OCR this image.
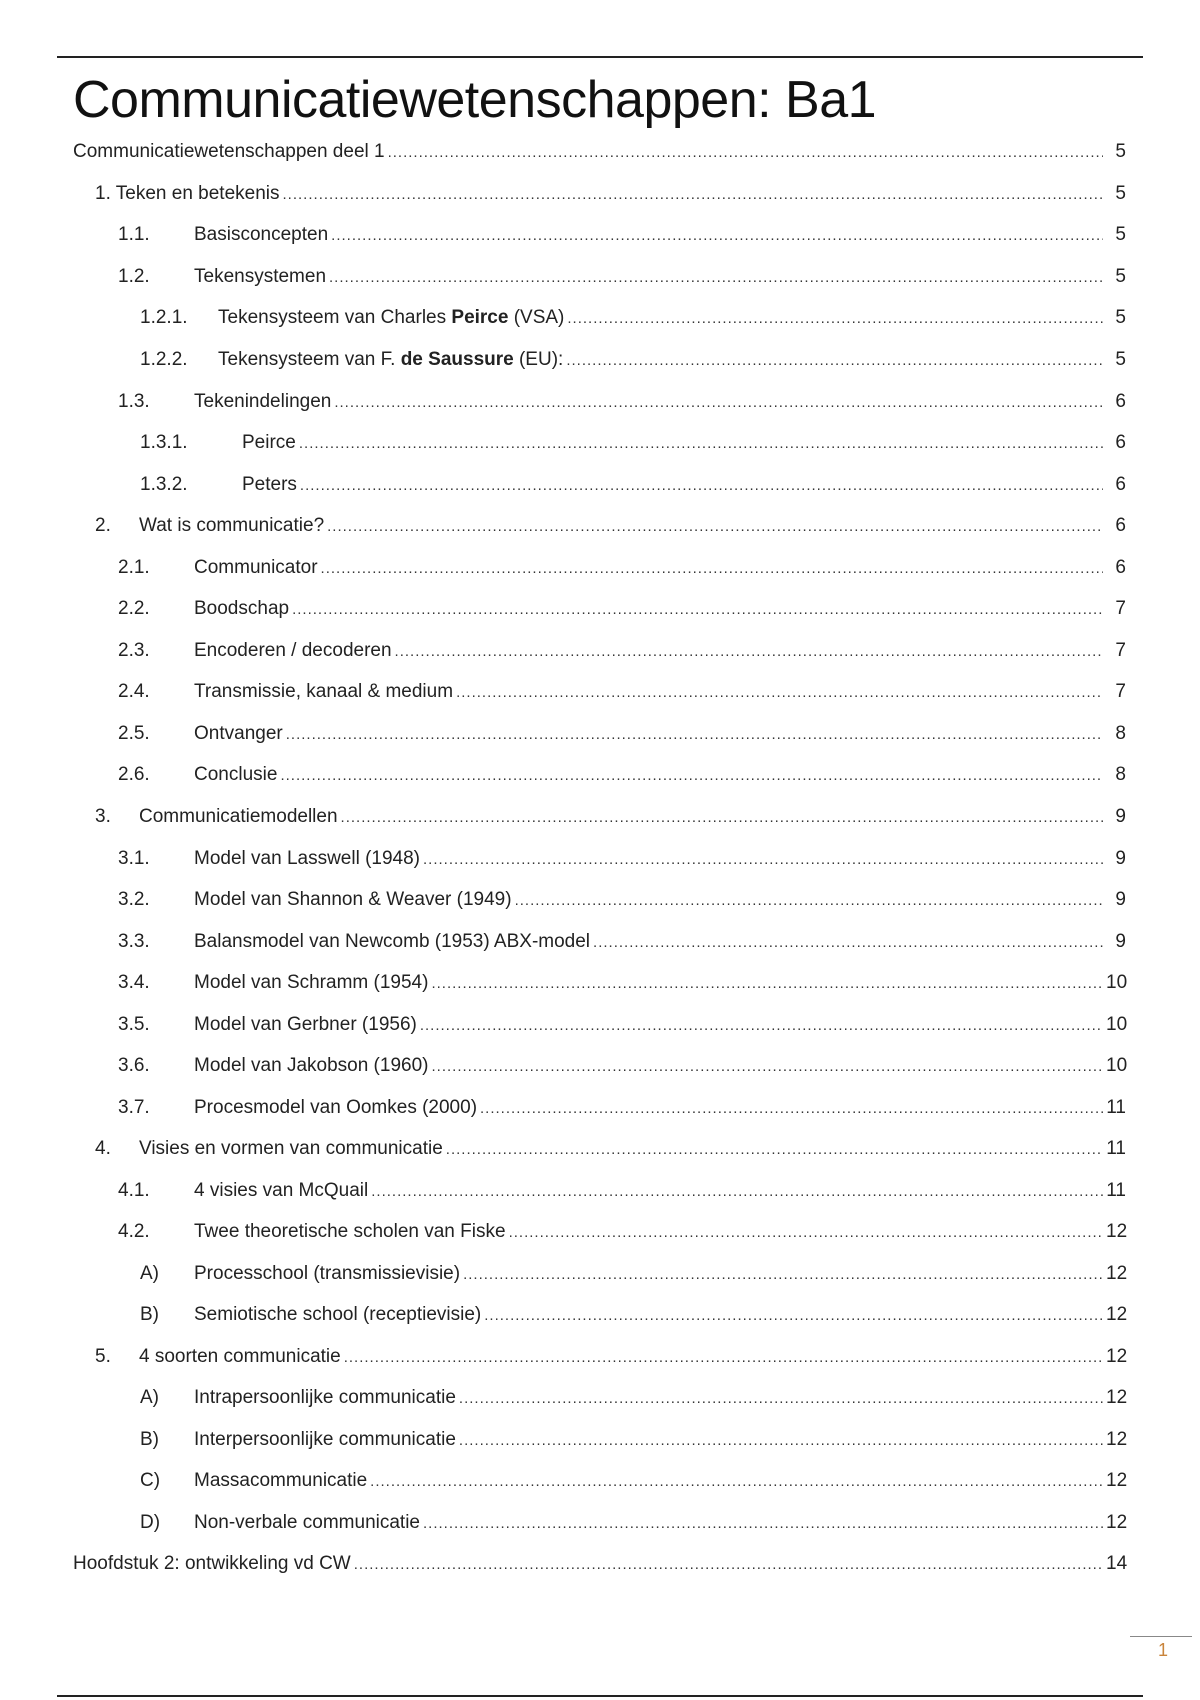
Communicatiewetenschappen: Ba1
Communicatiewetenschappen deel 1 .....	5
1. Teken en betekenis .....	5
1.1. Basisconcepten .....	5
1.2. Tekensystemen .....	5
1.2.1. Tekensysteem van Charles Peirce (VSA) .....	5
1.2.2. Tekensysteem van F. de Saussure (EU): .....	5
1.3. Tekenindelingen .....	6
1.3.1.	Peirce .....	6
1.3.2.	Peters .....	6
2. Wat is communicatie? .....	6
2.1. Communicator .....	6
2.2. Boodschap .....	7
2.3. Encoderen / decoderen .....	7
2.4. Transmissie, kanaal & medium .....	7
2.5. Ontvanger .....	8
2.6. Conclusie .....	8
3. Communicatiemodellen .....	9
3.1. Model van Lasswell (1948) .....	9
3.2. Model van Shannon & Weaver (1949) .....	9
3.3. Balansmodel van Newcomb (1953) ABX-model .....	9
3.4. Model van Schramm (1954) .....	10
3.5. Model van Gerbner (1956) .....	10
3.6. Model van Jakobson (1960) .....	10
3.7. Procesmodel van Oomkes (2000) .....	11
4. Visies en vormen van communicatie .....	11
4.1. 4 visies van McQuail .....	11
4.2. Twee theoretische scholen van Fiske .....	12
A) Processchool (transmissievisie) .....	12
B) Semiotische school (receptievisie) .....	12
5. 4 soorten communicatie .....	12
A) Intrapersoonlijke communicatie .....	12
B) Interpersoonlijke communicatie .....	12
C) Massacommunicatie .....	12
D) Non-verbale communicatie .....	12
Hoofdstuk 2: ontwikkeling vd CW .....	14
1
